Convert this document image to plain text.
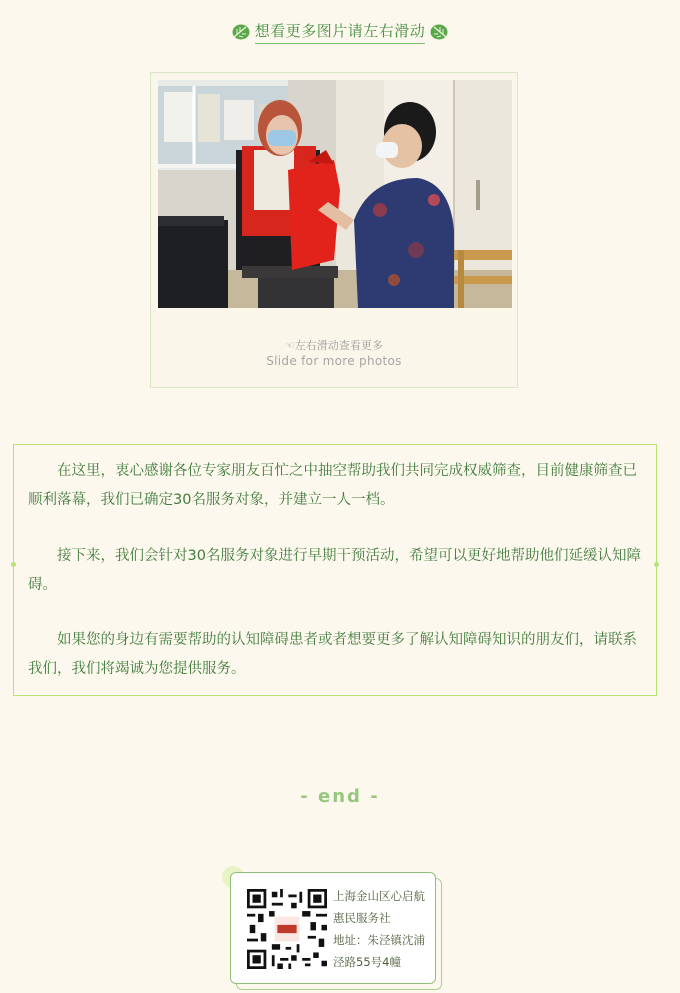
想看更多图片请左右滑动
☜左右滑动查看更多
Slide for more photos

在这里，衷心感谢各位专家朋友百忙之中抽空帮助我们共同完成权威筛查，目前健康筛查已顺利落幕，我们已确定30名服务对象，并建立一人一档。

接下来，我们会针对30名服务对象进行早期干预活动，希望可以更好地帮助他们延缓认知障碍。

如果您的身边有需要帮助的认知障碍患者或者想要更多了解认知障碍知识的朋友们，请联系我们，我们将竭诚为您提供服务。

- end -
上海金山区心启航
惠民服务社
地址：朱泾镇沈浦
泾路55号4幢
